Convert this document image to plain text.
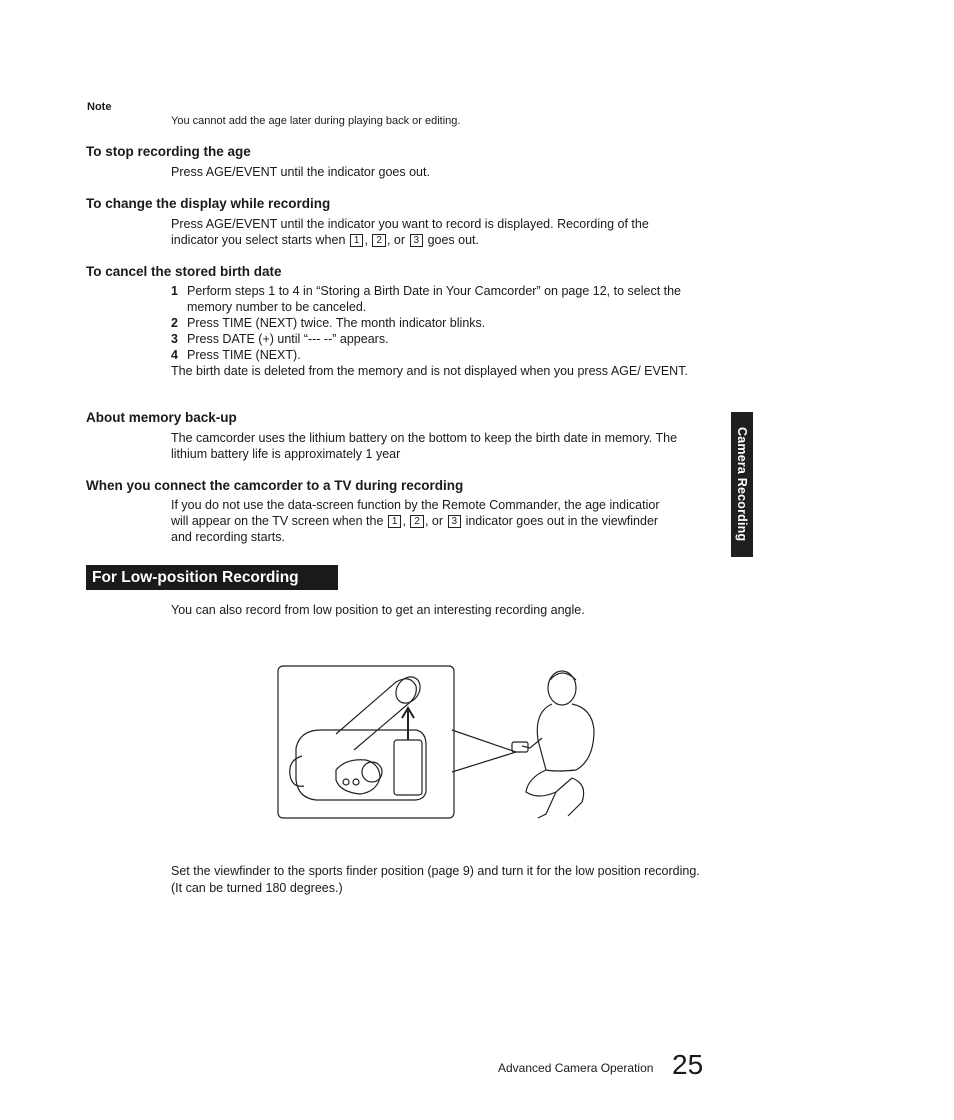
Note
You cannot add the age later during playing back or editing.
To stop recording the age
Press AGE/EVENT until the indicator goes out.
To change the display while recording
Press AGE/EVENT until the indicator you want to record is displayed. Recording of the
indicator you select starts when 1 , 2 , or 3 goes out.
To cancel the stored birth date
1 Perform steps 1 to 4 in “Storing a Birth Date in Your Camcorder” on page 12, to select the memory number to be canceled.
2 Press TIME (NEXT) twice. The month indicator blinks.
3 Press DATE (+) until “--- --” appears.
4 Press TIME (NEXT).
The birth date is deleted from the memory and is not displayed when you press AGE/ EVENT.
About memory back-up
The camcorder uses the lithium battery on the bottom to keep the birth date in memory. The lithium battery life is approximately 1 year
When you connect the camcorder to a TV during recording
If you do not use the data-screen function by the Remote Commander, the age indicatior
will appear on the TV screen when the 1 , 2 , or 3 indicator goes out in the viewfinder
and recording starts.	Camera Recording
For Low-position Recording
You can also record from low position to get an interesting recording angle.
Set the viewfinder to the sports finder position (page 9) and turn it for the low position recording. (It can be turned 180 degrees.)
Advanced Camera Operation 25
